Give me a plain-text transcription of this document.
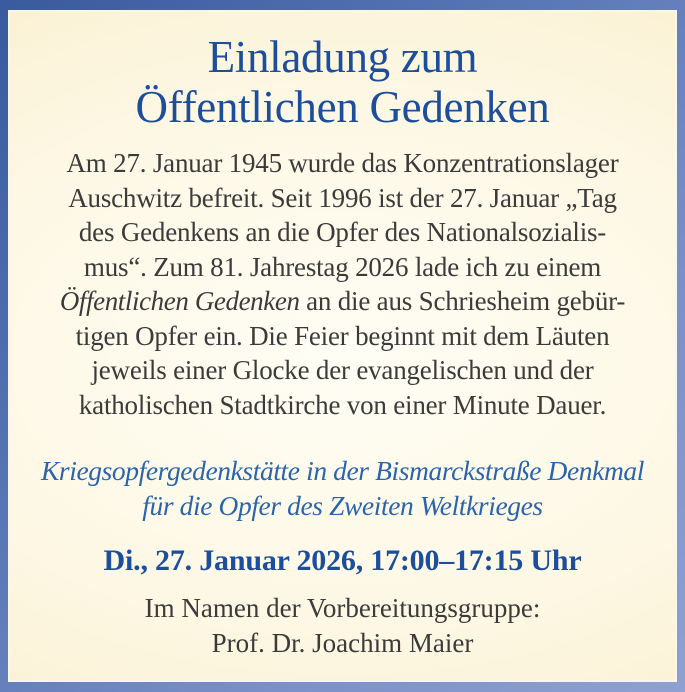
Einladung zum
Öffentlichen Gedenken
Am 27. Januar 1945 wurde das Konzentrationslager
Auschwitz befreit. Seit 1996 ist der 27. Januar „Tag
des Gedenkens an die Opfer des Nationalsozialis-
mus“. Zum 81. Jahrestag 2026 lade ich zu einem
Öffentlichen Gedenken an die aus Schriesheim gebür-
tigen Opfer ein. Die Feier beginnt mit dem Läuten
jeweils einer Glocke der evangelischen und der
katholischen Stadtkirche von einer Minute Dauer.
Kriegsopfergedenkstätte in der Bismarckstraße Denkmal
für die Opfer des Zweiten Weltkrieges
Di., 27. Januar 2026, 17:00–17:15 Uhr
Im Namen der Vorbereitungsgruppe:
Prof. Dr. Joachim Maier
